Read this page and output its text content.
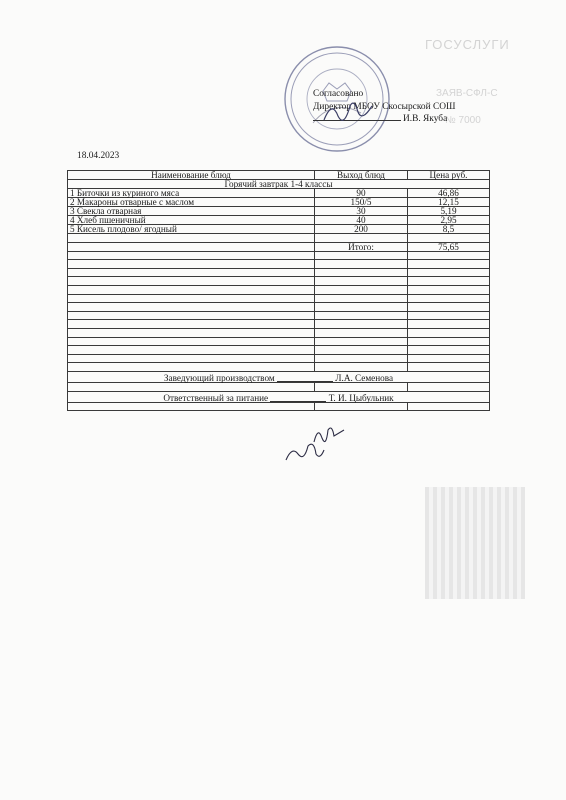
ГОСУСЛУГИ
ЗАЯВ-СФЛ-С
№ 7000
Согласовано
Директор МБОУ Скосырской СОШ
И.В. Якуба
18.04.2023
Наименование блюд	Выход блюд	Цена руб.
Горячий завтрак 1-4 классы		
1 Биточки из куриного мяса	90	46,86
2 Макароны отварные с маслом	150/5	12,15
3 Свекла отварная	30	5,19
4 Хлеб пшеничный	40	2,95
5 Кисель плодово/ ягодный	200	8,5

	Итого:	75,65

Заведующий производством Л.А. Семенова		

Ответственный за питание Т. И. Цыбульник		
